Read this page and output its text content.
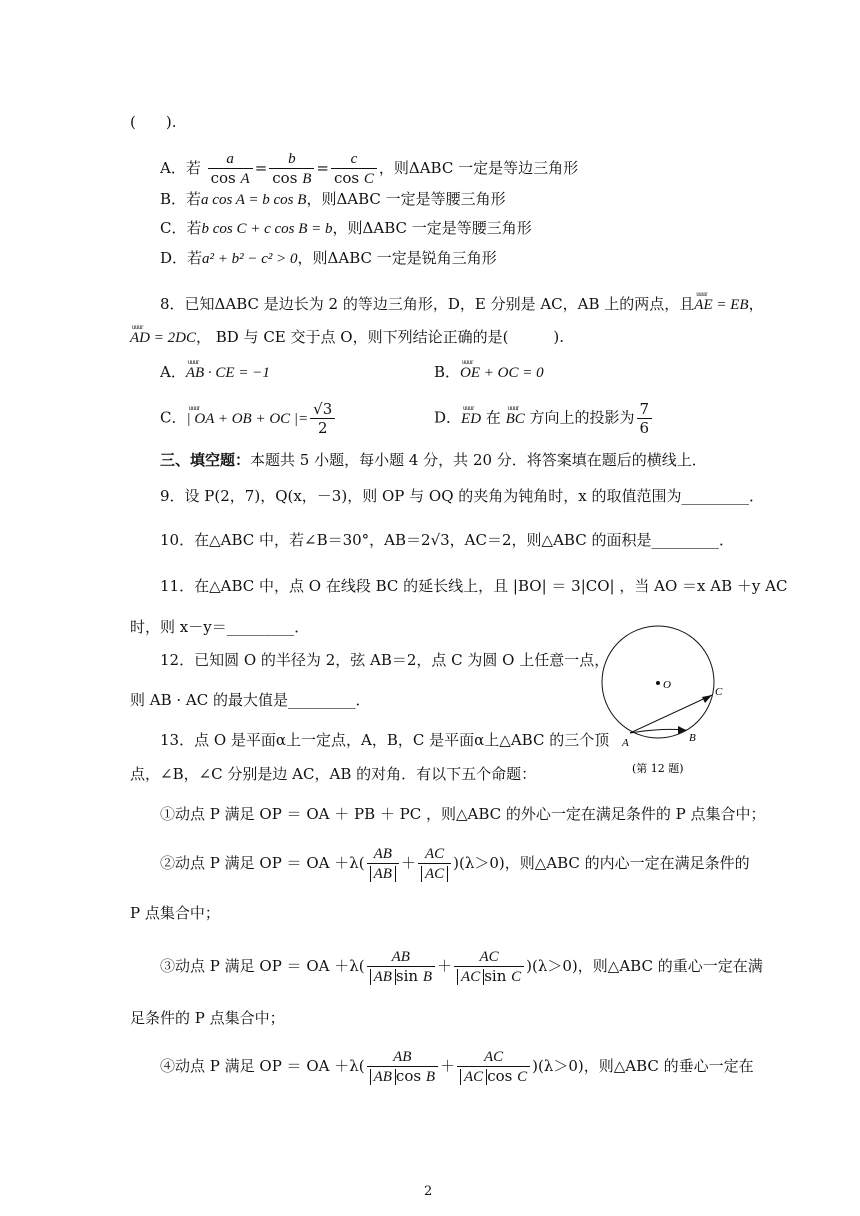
(　　).
A．若 $\frac{a}{\text{cos A}} = \frac{b}{\text{cos B}} = \frac{c}{\text{cos C}}$ ，则ΔABC 一定是等边三角形
B．若a cos A = b cos B，则ΔABC 一定是等腰三角形
C．若b cos C + c cos B = b，则ΔABC 一定是等腰三角形
D．若a² + b² − c² > 0，则ΔABC 一定是锐角三角形
8．已知ΔABC 是边长为 2 的等边三角形，D，E 分别是 AC，AB 上的两点，且uuur AE = EB，
uuur AD = 2DC， BD 与 CE 交于点 O，则下列结论正确的是(　　　).
A．uuur AB · CE = −1	B．uuur OE + OC = 0
C．uuur | OA + OB + OC |= $\frac{√3}{2}$	D．uuur ED 在 uuur BC 方向上的投影为 $\frac{7}{6}$
三、填空题：本题共 5 小题，每小题 4 分，共 20 分．将答案填在题后的横线上．
9．设 P(2，7)，Q(x，－3)，则 OP 与 OQ 的夹角为钝角时，x 的取值范围为_________．
10．在△ABC 中，若∠B＝30°，AB＝2√3，AC＝2，则△ABC 的面积是_________．
11．在△ABC 中，点 O 在线段 BC 的延长线上，且 |BO| ＝ 3|CO| ，当 AO ＝x AB ＋y AC
时，则 x－y＝_________．
12．已知圆 O 的半径为 2，弦 AB＝2，点 C 为圆 O 上任意一点，
则 AB · AC 的最大值是_________．
O
A	B
C
(第 12 题)
13．点 O 是平面α上一定点，A，B，C 是平面α上△ABC 的三个顶
点，∠B，∠C 分别是边 AC，AB 的对角．有以下五个命题：
①动点 P 满足 OP ＝ OA ＋ PB ＋ PC ，则△ABC 的外心一定在满足条件的 P 点集合中；
②动点 P 满足 OP ＝ OA $+\lambda( \frac{AB}{AB} + \frac{AC}{AC} )(\lambda>0)$，则△ABC 的内心一定在满足条件的
P 点集合中；
③动点 P 满足 OP ＝ OA $+\lambda( \frac{AB}{\text{AB sin B}} + \frac{AC}{\text{AC sin C}} )(\lambda>0)$，则△ABC 的重心一定在满
足条件的 P 点集合中；
④动点 P 满足 OP ＝ OA $+\lambda( \frac{AB}{\text{AB cos B}} + \frac{AC}{\text{AC cos C}} )(\lambda>0)$，则△ABC 的垂心一定在
2
